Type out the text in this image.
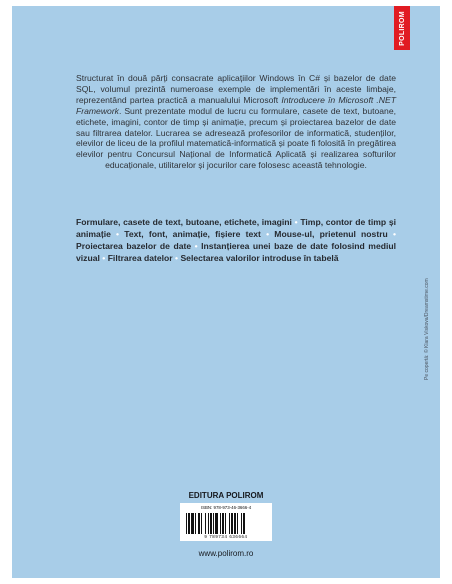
POLIROM
Structurat în două părți consacrate aplicațiilor Windows în C# și bazelor de date SQL, volumul prezintă numeroase exemple de implementări în aceste limbaje, reprezentând partea practică a manualului Microsoft Introducere în Microsoft .NET Framework. Sunt prezentate modul de lucru cu formulare, casete de text, butoane, etichete, imagini, contor de timp și animație, precum și proiectarea bazelor de date sau filtrarea datelor. Lucrarea se adresează profesorilor de informatică, studenților, elevilor de liceu de la profilul matematică-informatică și poate fi folosită în pregătirea elevilor pentru Concursul Național de Informatică Aplicată și realizarea softurilor educaționale, utilitarelor și jocurilor care folosesc această tehnologie.
Formulare, casete de text, butoane, etichete, imagini • Timp, contor de timp și animație • Text, font, animație, fișiere text • Mouse-ul, prietenul nostru • Proiectarea bazelor de date • Instanțierea unei baze de date folosind mediul vizual • Filtrarea datelor • Selectarea valorilor introduse în tabelă
Pe copertă: © Klara Viskova/Dreamstime.com
EDITURA POLIROM
ISBN: 978-973-46-3666-4
9 789734 636664
www.polirom.ro
